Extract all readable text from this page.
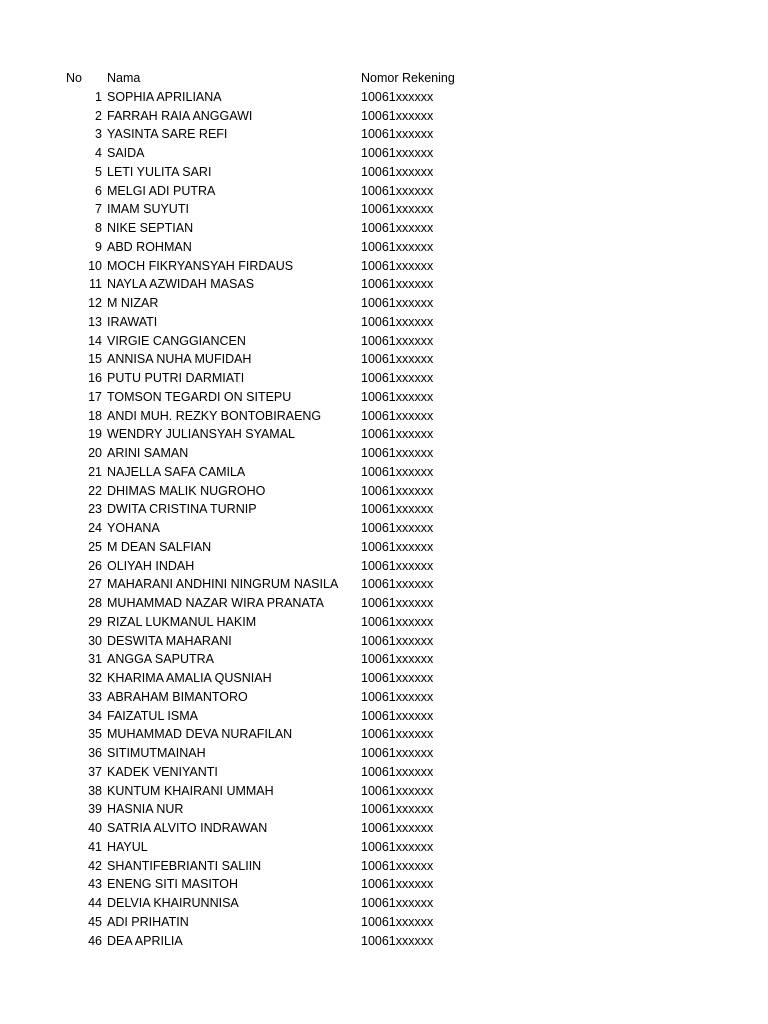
No Nama	Nomor Rekening
1 SOPHIA APRILIANA	10061xxxxxx
2 FARRAH RAIA ANGGAWI	10061xxxxxx
3 YASINTA SARE REFI	10061xxxxxx
4 SAIDA	10061xxxxxx
5 LETI YULITA SARI	10061xxxxxx
6 MELGI ADI PUTRA	10061xxxxxx
7 IMAM SUYUTI	10061xxxxxx
8 NIKE SEPTIAN	10061xxxxxx
9 ABD ROHMAN	10061xxxxxx
10 MOCH FIKRYANSYAH FIRDAUS	10061xxxxxx
11 NAYLA AZWIDAH MASAS	10061xxxxxx
12 M NIZAR	10061xxxxxx
13 IRAWATI	10061xxxxxx
14 VIRGIE CANGGIANCEN	10061xxxxxx
15 ANNISA NUHA MUFIDAH	10061xxxxxx
16 PUTU PUTRI DARMIATI	10061xxxxxx
17 TOMSON TEGARDI ON SITEPU	10061xxxxxx
18 ANDI MUH. REZKY BONTOBIRAENG	10061xxxxxx
19 WENDRY JULIANSYAH SYAMAL	10061xxxxxx
20 ARINI SAMAN	10061xxxxxx
21 NAJELLA SAFA CAMILA	10061xxxxxx
22 DHIMAS MALIK NUGROHO	10061xxxxxx
23 DWITA CRISTINA TURNIP	10061xxxxxx
24 YOHANA	10061xxxxxx
25 M DEAN SALFIAN	10061xxxxxx
26 OLIYAH INDAH	10061xxxxxx
27 MAHARANI ANDHINI NINGRUM NASILA 10061xxxxxx
28 MUHAMMAD NAZAR WIRA PRANATA	10061xxxxxx
29 RIZAL LUKMANUL HAKIM	10061xxxxxx
30 DESWITA MAHARANI	10061xxxxxx
31 ANGGA SAPUTRA	10061xxxxxx
32 KHARIMA AMALIA QUSNIAH	10061xxxxxx
33 ABRAHAM BIMANTORO	10061xxxxxx
34 FAIZATUL ISMA	10061xxxxxx
35 MUHAMMAD DEVA NURAFILAN	10061xxxxxx
36 SITIMUTMAINAH	10061xxxxxx
37 KADEK VENIYANTI	10061xxxxxx
38 KUNTUM KHAIRANI UMMAH	10061xxxxxx
39 HASNIA NUR	10061xxxxxx
40 SATRIA ALVITO INDRAWAN	10061xxxxxx
41 HAYUL	10061xxxxxx
42 SHANTIFEBRIANTI SALIIN	10061xxxxxx
43 ENENG SITI MASITOH	10061xxxxxx
44 DELVIA KHAIRUNNISA	10061xxxxxx
45 ADI PRIHATIN	10061xxxxxx
46 DEA APRILIA	10061xxxxxx
